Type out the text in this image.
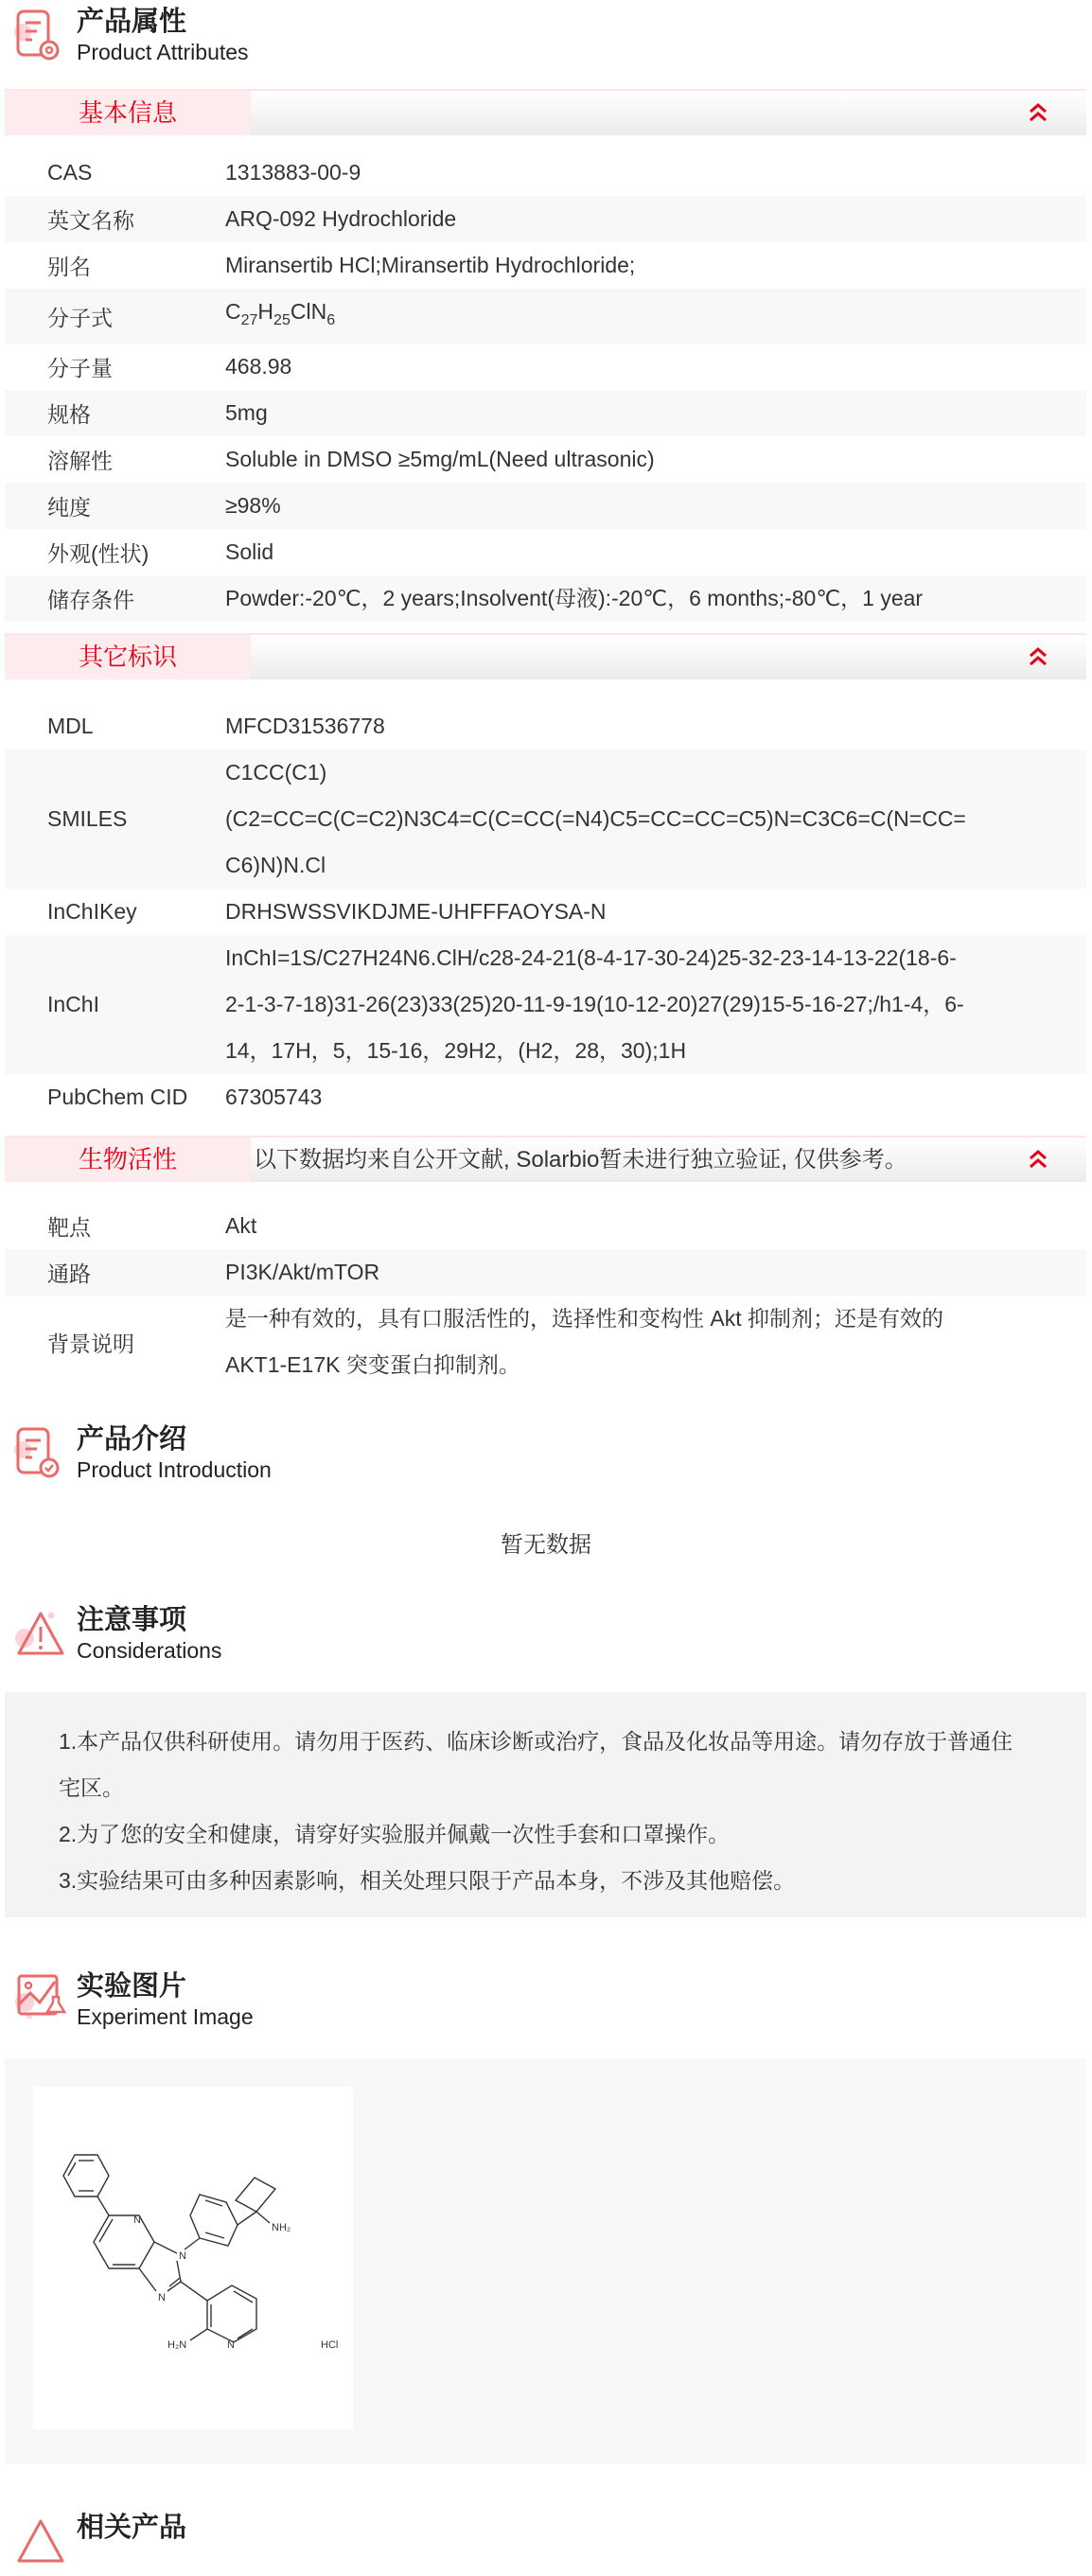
产品属性
Product Attributes
基本信息
CAS	1313883-00-9
英文名称	ARQ-092 Hydrochloride
别名	Miransertib HCl;Miransertib Hydrochloride;
分子式	$C_{27}H_{25}ClN_6$
分子量	468.98
规格	5mg
溶解性	Soluble in DMSO ≥5mg/mL(Need ultrasonic)
纯度	≥98%
外观(性状)	Solid
储存条件	Powder:-20℃，2 years;Insolvent(母液):-20℃，6 months;-80℃，1 year
其它标识
MDL	MFCD31536778
SMILES
C1CC(C1)
(C2=CC=C(C=C2)N3C4=C(C=CC(=N4)C5=CC=CC=C5)N=C3C6=C(N=CC=
C6)N)N.Cl
InChIKey	DRHSWSSVIKDJME-UHFFFAOYSA-N
InChI
InChI=1S/C27H24N6.ClH/c28-24-21(8-4-17-30-24)25-32-23-14-13-22(18-6-
2-1-3-7-18)31-26(23)33(25)20-11-9-19(10-12-20)27(29)15-5-16-27;/h1-4，6-
14，17H，5，15-16，29H2，(H2，28，30);1H
PubChem CID	67305743
生物活性	以下数据均来自公开文献, Solarbio暂未进行独立验证, 仅供参考。
靶点	Akt
通路	PI3K/Akt/mTOR
背景说明
是一种有效的，具有口服活性的，选择性和变构性 Akt 抑制剂；还是有效的
AKT1-E17K 突变蛋白抑制剂。
产品介绍
Product Introduction
暂无数据
注意事项
Considerations

1.本产品仅供科研使用。请勿用于医药、临床诊断或治疗，食品及化妆品等用途。请勿存放于普通住宅区。

2.为了您的安全和健康，请穿好实验服并佩戴一次性手套和口罩操作。

3.实验结果可由多种因素影响，相关处理只限于产品本身，不涉及其他赔偿。

实验图片
Experiment Image
N
N
N
N
NH₂
H₂N	HCl
相关产品
